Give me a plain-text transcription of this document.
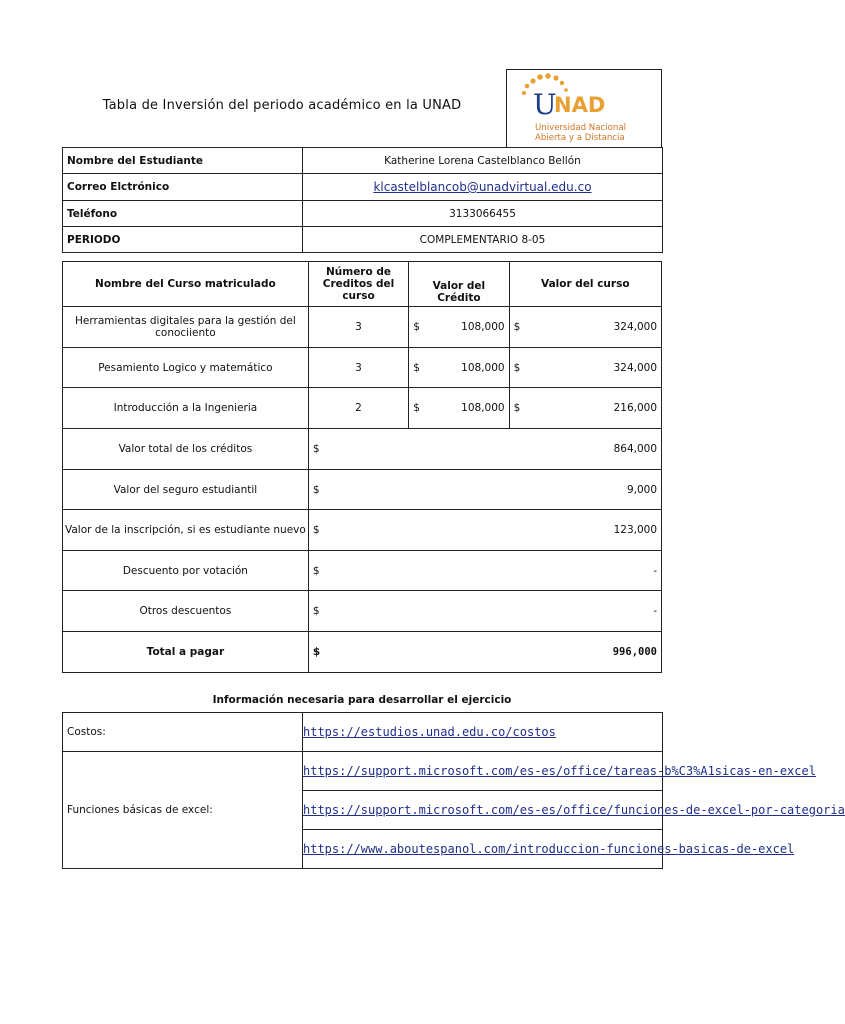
Tabla de Inversión del periodo académico en la UNAD	U
NAD
Universidad Nacional
Abierta y a Distancia
Nombre del Estudiante	Katherine Lorena Castelblanco Bellón
Correo Elctrónico	klcastelblancob@unadvirtual.edu.co
Teléfono	3133066455
PERIODO	COMPLEMENTARIO 8-05
Nombre del Curso matriculado	Número de Creditos del curso	Valor del Crédito	Valor del curso
Herramientas digitales para la gestión del conociiento	3	$ 108,000	$ 324,000

Pesamiento Logico y matemático	3	$ 108,000	$ 324,000

Introducción a la Ingenieria	2	$ 108,000	$ 216,000

Valor total de los créditos	$ 864,000		

Valor del seguro estudiantil	$ 9,000		

Valor de la inscripción, si es estudiante nuevo	$ 123,000		

Descuento por votación	$ -		

Otros descuentos	$ -		

Total a pagar	$ 996,000		
Información necesaria para desarrollar el ejercicio
Costos:	https://estudios.unad.edu.co/costos
Funciones básicas de excel:	https://support.microsoft.com/es-es/office/tareas-b%C3%A1sicas-en-excel
	https://support.microsoft.com/es-es/office/funciones-de-excel-por-categoria
	https://www.aboutespanol.com/introduccion-funciones-basicas-de-excel
